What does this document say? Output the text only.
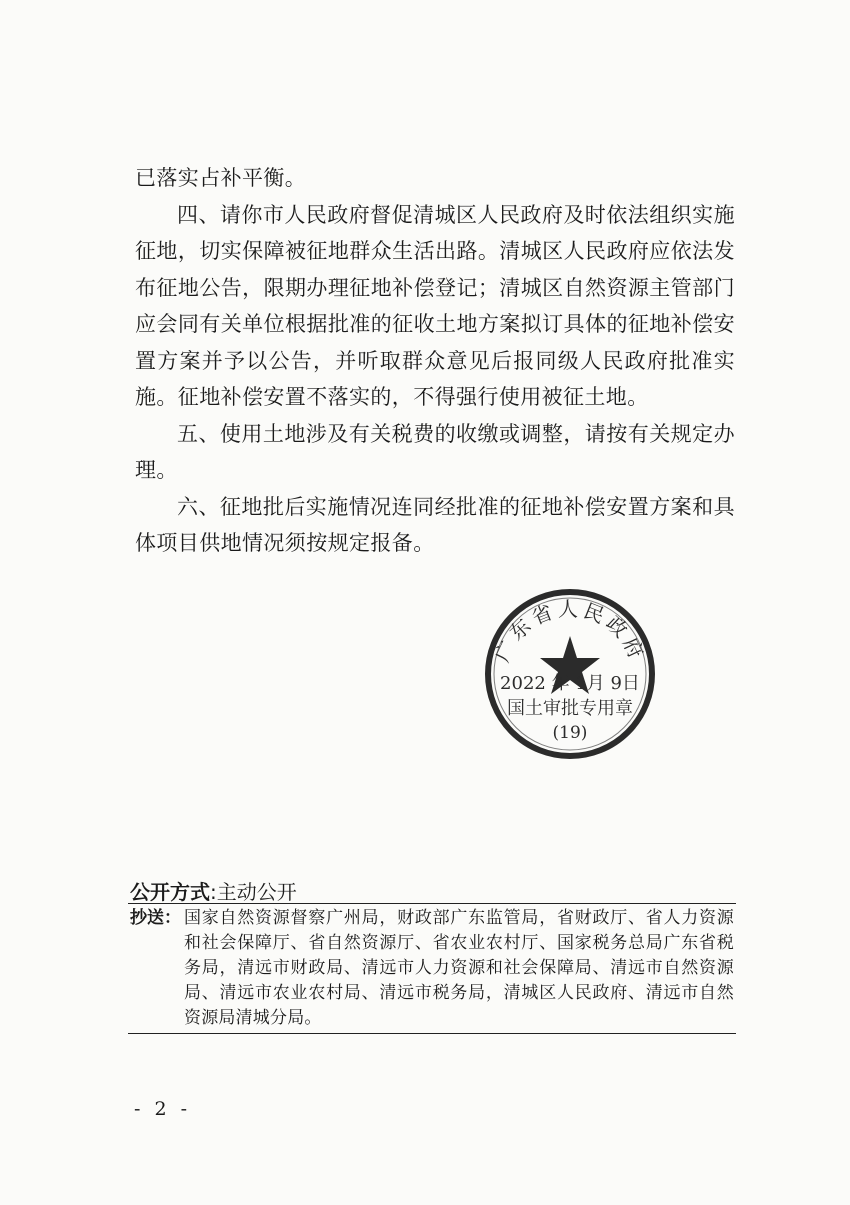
已落实占补平衡。

四、请你市人民政府督促清城区人民政府及时依法组织实施征地，切实保障被征地群众生活出路。清城区人民政府应依法发布征地公告，限期办理征地补偿登记；清城区自然资源主管部门应会同有关单位根据批准的征收土地方案拟订具体的征地补偿安置方案并予以公告，并听取群众意见后报同级人民政府批准实施。征地补偿安置不落实的，不得强行使用被征土地。

五、使用土地涉及有关税费的收缴或调整，请按有关规定办理。

六、征地批后实施情况连同经批准的征地补偿安置方案和具体项目供地情况须按规定报备。

广东省人民政府
2022 年 1月 9日
国土审批专用章
(19)
公开方式:主动公开
抄送： 国家自然资源督察广州局，财政部广东监管局，省财政厅、省人力资源和社会保障厅、省自然资源厅、省农业农村厅、国家税务总局广东省税务局，清远市财政局、清远市人力资源和社会保障局、清远市自然资源局、清远市农业农村局、清远市税务局，清城区人民政府、清远市自然资源局清城分局。
- 2 -
